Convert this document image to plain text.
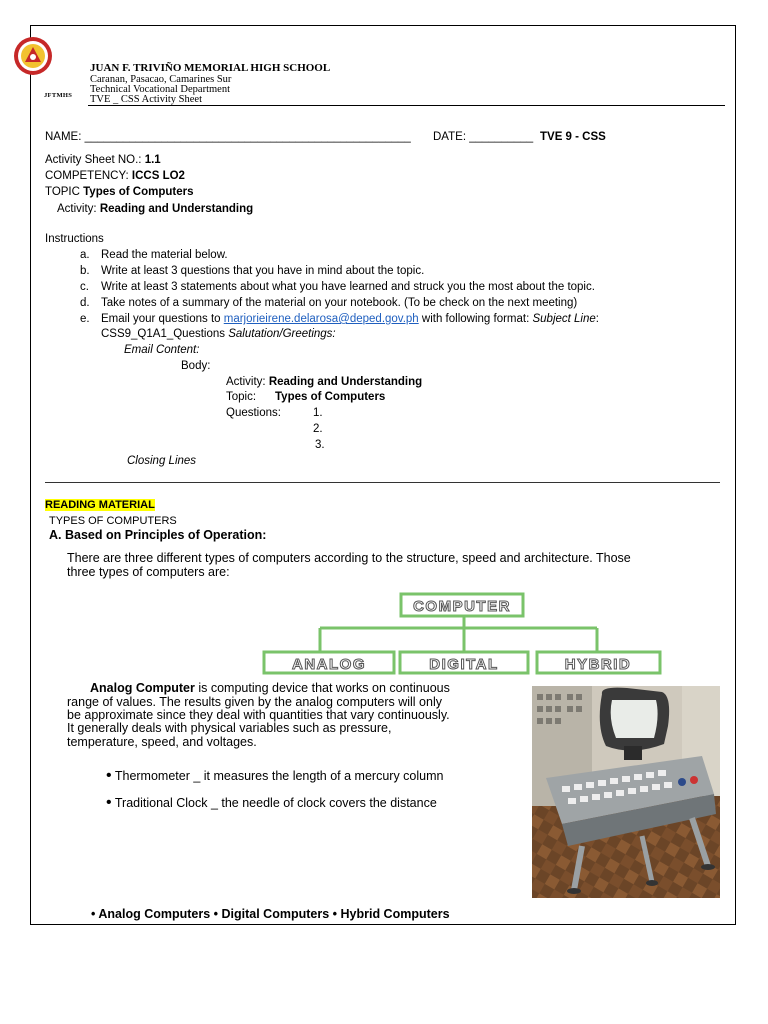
JFTMHS
JUAN F. TRIVIÑO MEMORIAL HIGH SCHOOL
Caranan, Pasacao, Camarines Sur
Technical Vocational Department
TVE _ CSS Activity Sheet
NAME: ___________________________________________________ DATE: __________ TVE 9 - CSS
Activity Sheet NO.: 1.1
COMPETENCY: ICCS LO2
TOPIC Types of Computers
Activity: Reading and Understanding
Instructions
a. Read the material below.
b. Write at least 3 questions that you have in mind about the topic.
c. Write at least 3 statements about what you have learned and struck you the most about the topic.
d. Take notes of a summary of the material on your notebook. (To be check on the next meeting)
e. Email your questions to marjorieirene.delarosa@deped.gov.ph with following format: Subject Line:
CSS9_Q1A1_Questions Salutation/Greetings:
Email Content:
Body:
Activity: Reading and Understanding
Topic: Types of Computers
Questions:	1.
2.
3.
Closing Lines
READING MATERIAL
TYPES OF COMPUTERS
A. Based on Principles of Operation:
There are three different types of computers according to the structure, speed and architecture. Those
three types of computers are:
COMPUTER
ANALOG	DIGITAL	HYBRID
Analog Computer is computing device that works on continuous
range of values. The results given by the analog computers will only
be approximate since they deal with quantities that vary continuously.
It generally deals with physical variables such as pressure,
temperature, speed, and voltages.
• Thermometer _ it measures the length of a mercury column
• Traditional Clock _ the needle of clock covers the distance
• Analog Computers • Digital Computers • Hybrid Computers
